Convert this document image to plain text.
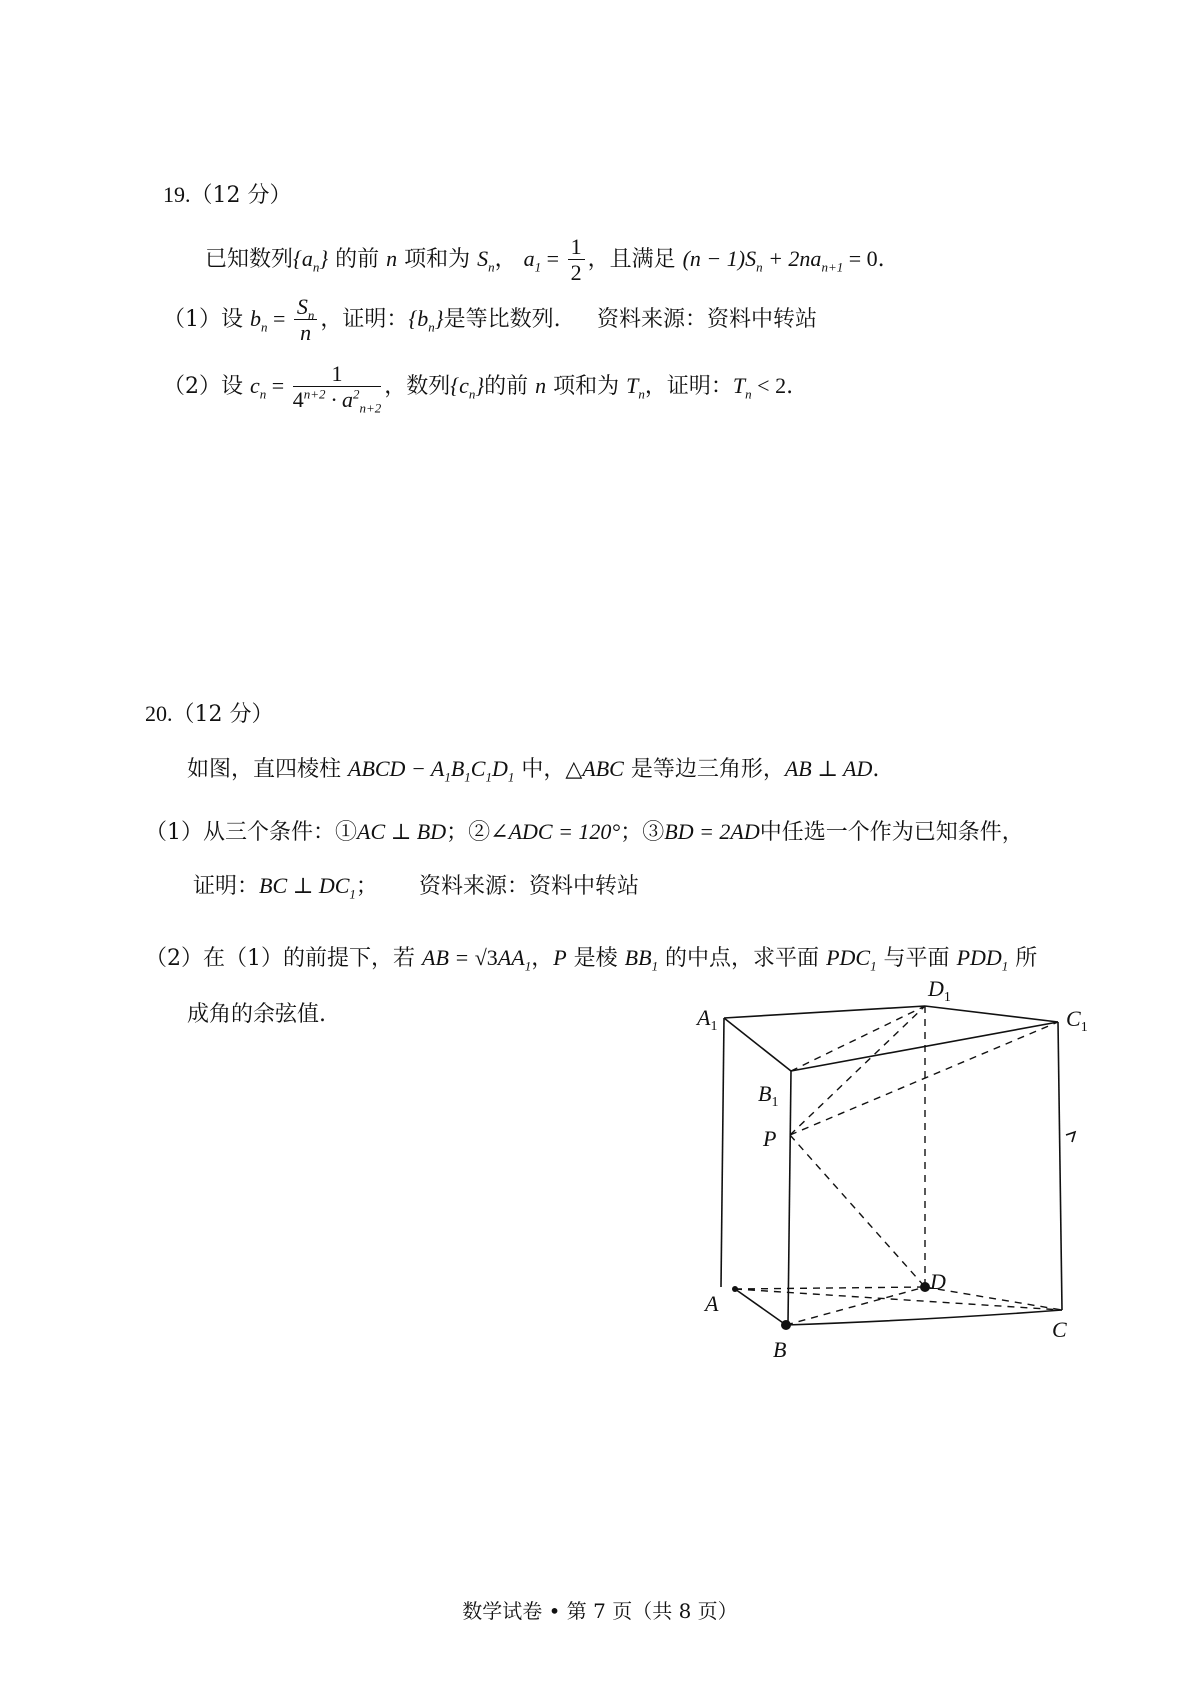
19.（12 分）
已知数列$\{a_n\}$ 的前 n 项和为 $S_n$， $a_1 = \frac{1}{2}$ ，且满足 $(n - 1)S_n + 2na_{n+1} = 0$.
（1）设 $b_n = \frac{S_n}{n}$ ，证明：$\{b_n\}$是等比数列. 资料来源：资料中转站
（2）设 $c_n = \frac{1}{4^{n+2} \cdot a^2_{n+2}}$ ，数列$\{c_n\}$的前 n 项和为 $T_n$，证明：$T_n < 2$.
20.（12 分）
如图，直四棱柱 ABCD − $A_1B_1C_1D_1$ 中，△ABC 是等边三角形，AB ⊥ AD.
（1）从三个条件：①AC ⊥ BD；②∠ADC = 120°；③BD = 2AD中任选一个作为已知条件，
证明：BC ⊥ $DC_1$； 资料来源：资料中转站
（2）在（1）的前提下，若 AB = $√3AA_1$，P 是棱 $BB_1$ 的中点，求平面 $PDC_1$ 与平面 $PDD_1$ 所
成角的余弦值.	$A_1$
$B_1$
$C_1$
$D_1$
P
A
B
C
D
数学试卷 • 第 7 页（共 8 页）
